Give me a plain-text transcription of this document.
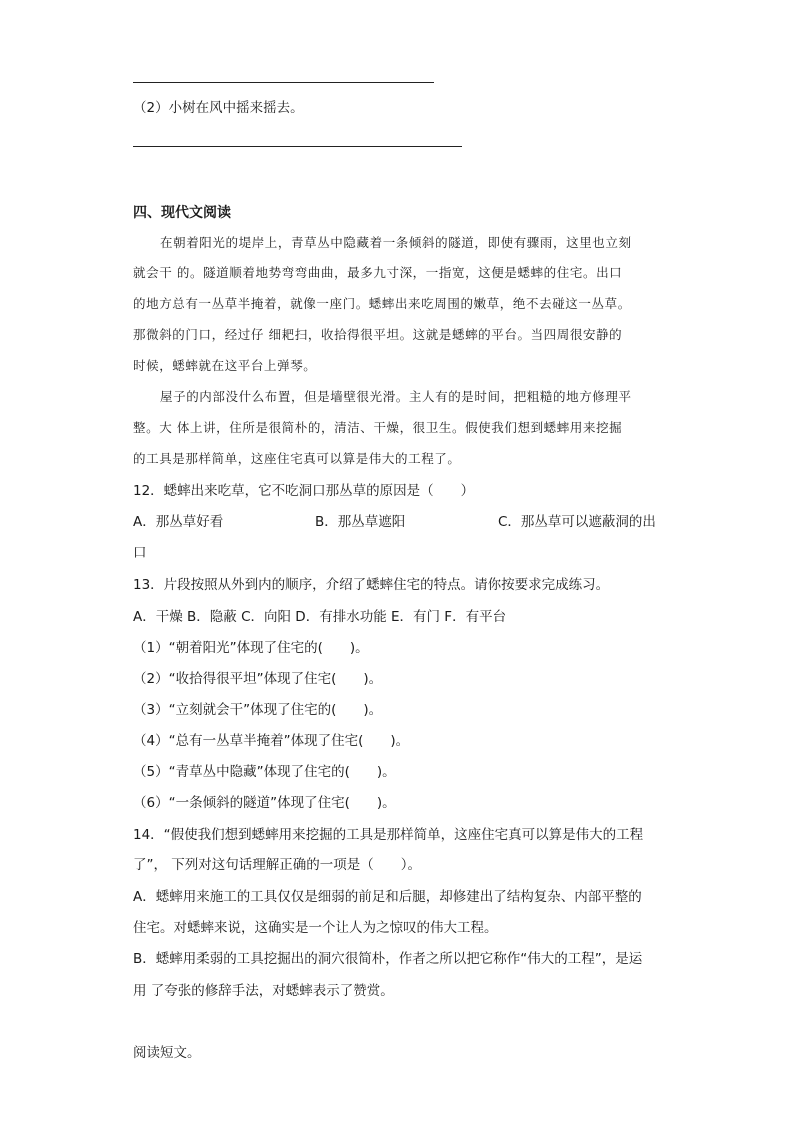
（2）小树在风中摇来摇去。
四、现代文阅读
在朝着阳光的堤岸上，青草丛中隐藏着一条倾斜的隧道，即使有骤雨，这里也立刻
就会干 的。隧道顺着地势弯弯曲曲，最多九寸深，一指宽，这便是蟋蟀的住宅。出口
的地方总有一丛草半掩着，就像一座门。蟋蟀出来吃周围的嫩草，绝不去碰这一丛草。
那微斜的门口，经过仔 细耙扫，收拾得很平坦。这就是蟋蟀的平台。当四周很安静的
时候，蟋蟀就在这平台上弹琴。
屋子的内部没什么布置，但是墙壁很光滑。主人有的是时间，把粗糙的地方修理平
整。大 体上讲，住所是很简朴的，清洁、干燥，很卫生。假使我们想到蟋蟀用来挖掘
的工具是那样简单，这座住宅真可以算是伟大的工程了。
12．蟋蟀出来吃草，它不吃洞口那丛草的原因是（　　）
A．那丛草好看	B．那丛草遮阳	C．那丛草可以遮蔽洞的出
口
13．片段按照从外到内的顺序，介绍了蟋蟀住宅的特点。请你按要求完成练习。
A．干燥 B．隐蔽 C．向阳 D．有排水功能 E．有门 F．有平台
（1）“朝着阳光”体现了住宅的(　　)。
（2）“收拾得很平坦”体现了住宅(　　)。
（3）“立刻就会干”体现了住宅的(　　)。
（4）“总有一丛草半掩着”体现了住宅(　　)。
（5）“青草丛中隐藏”体现了住宅的(　　)。
（6）“一条倾斜的隧道”体现了住宅(　　)。
14．“假使我们想到蟋蟀用来挖掘的工具是那样简单，这座住宅真可以算是伟大的工程
了”， 下列对这句话理解正确的一项是（　　）。
A．蟋蟀用来施工的工具仅仅是细弱的前足和后腿，却修建出了结构复杂、内部平整的
住宅。对蟋蟀来说，这确实是一个让人为之惊叹的伟大工程。
B．蟋蟀用柔弱的工具挖掘出的洞穴很简朴，作者之所以把它称作“伟大的工程”，是运
用 了夸张的修辞手法，对蟋蟀表示了赞赏。
阅读短文。
